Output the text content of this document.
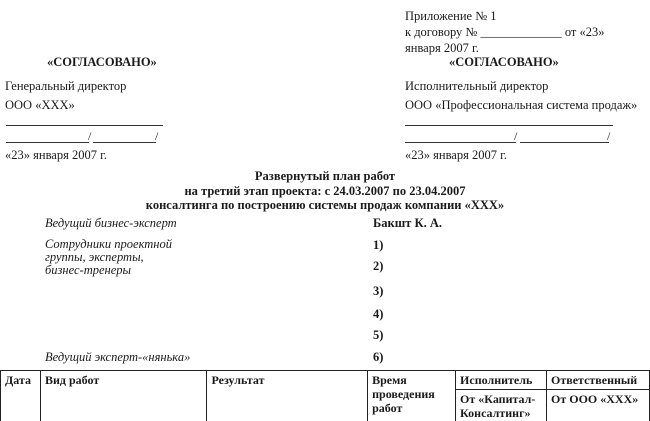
Приложение № 1
к договору № _____________ от «23»
января 2007 г.
«СОГЛАСОВАНО»	«СОГЛАСОВАНО»
Генеральный директор
ООО «XXX»
/	/
«23» января 2007 г.
Исполнительный директор
ООО «Профессиональная система продаж»
/	/
«23» января 2007 г.
Развернутый план работ
на третий этап проекта: с 24.03.2007 по 23.04.2007
консалтинга по построению системы продаж компании «XXX»
Ведущий бизнес-эксперт	Бакшт К. А.
Сотрудники проектной
группы, эксперты,
бизнес-тренеры
1)
2)
3)
4)
5)
Ведущий эксперт-«нянька»	6)
Дата	Вид работ	Результат	Время проведения работ	Исполнитель	Ответственный
				От «Капитал-Консалтинг»	От ООО «XXX»
